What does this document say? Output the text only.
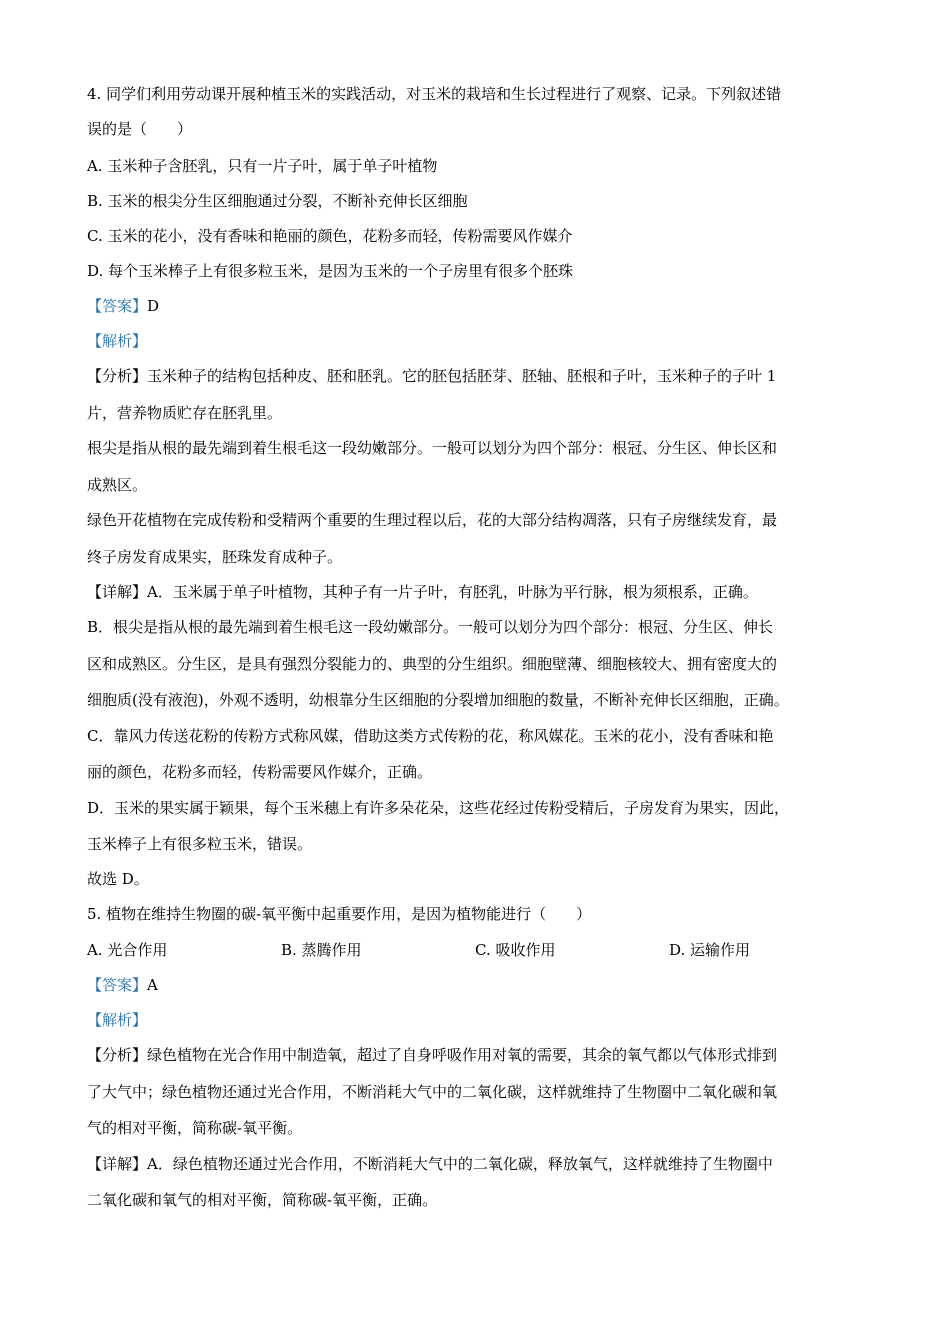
4. 同学们利用劳动课开展种植玉米的实践活动，对玉米的栽培和生长过程进行了观察、记录。下列叙述错
误的是（　　）
A. 玉米种子含胚乳，只有一片子叶，属于单子叶植物
B. 玉米的根尖分生区细胞通过分裂，不断补充伸长区细胞
C. 玉米的花小，没有香味和艳丽的颜色，花粉多而轻，传粉需要风作媒介
D. 每个玉米棒子上有很多粒玉米，是因为玉米的一个子房里有很多个胚珠
【答案】D
【解析】
【分析】玉米种子的结构包括种皮、胚和胚乳。它的胚包括胚芽、胚轴、胚根和子叶，玉米种子的子叶 1
片，营养物质贮存在胚乳里。
根尖是指从根的最先端到着生根毛这一段幼嫩部分。一般可以划分为四个部分：根冠、分生区、伸长区和
成熟区。
绿色开花植物在完成传粉和受精两个重要的生理过程以后，花的大部分结构凋落，只有子房继续发育，最
终子房发育成果实，胚珠发育成种子。
【详解】A．玉米属于单子叶植物，其种子有一片子叶，有胚乳，叶脉为平行脉，根为须根系，正确。
B．根尖是指从根的最先端到着生根毛这一段幼嫩部分。一般可以划分为四个部分：根冠、分生区、伸长
区和成熟区。分生区，是具有强烈分裂能力的、典型的分生组织。细胞壁薄、细胞核较大、拥有密度大的
细胞质(没有液泡)，外观不透明，幼根靠分生区细胞的分裂增加细胞的数量，不断补充伸长区细胞，正确。
C．靠风力传送花粉的传粉方式称风媒，借助这类方式传粉的花，称风媒花。玉米的花小，没有香味和艳
丽的颜色，花粉多而轻，传粉需要风作媒介，正确。
D．玉米的果实属于颖果，每个玉米穗上有许多朵花朵，这些花经过传粉受精后，子房发育为果实，因此，
玉米棒子上有很多粒玉米，错误。
故选 D。
5. 植物在维持生物圈的碳-氧平衡中起重要作用，是因为植物能进行（　　）
A. 光合作用	B. 蒸腾作用	C. 吸收作用	D. 运输作用
【答案】A
【解析】
【分析】绿色植物在光合作用中制造氧，超过了自身呼吸作用对氧的需要，其余的氧气都以气体形式排到
了大气中；绿色植物还通过光合作用，不断消耗大气中的二氧化碳，这样就维持了生物圈中二氧化碳和氧
气的相对平衡，简称碳-氧平衡。
【详解】A．绿色植物还通过光合作用，不断消耗大气中的二氧化碳，释放氧气，这样就维持了生物圈中
二氧化碳和氧气的相对平衡，简称碳-氧平衡，正确。
